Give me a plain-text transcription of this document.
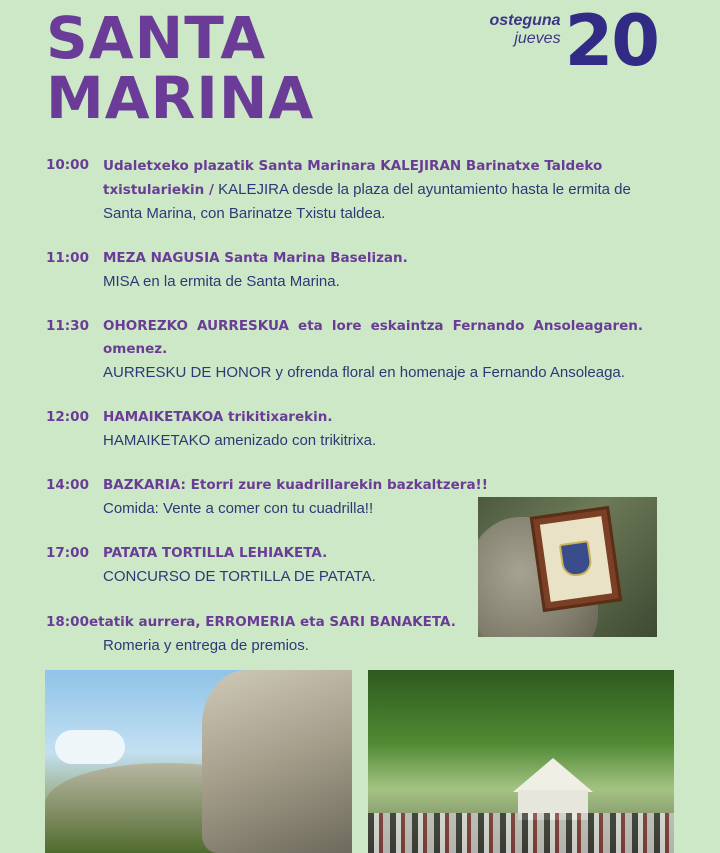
SANTA
MARINA
osteguna
jueves 20
10:00	Udaletxeko plazatik Santa Marinara KALEJIRAN Barinatxe Taldeko txistulariekin / KALEJIRA desde la plaza del ayuntamiento hasta le ermita de Santa Marina, con Barinatze Txistu taldea.
11:00	MEZA NAGUSIA Santa Marina Baselizan.
MISA en la ermita de Santa Marina.
11:30	OHOREZKO AURRESKUA eta lore eskaintza Fernando Ansoleagaren. omenez.
AURRESKU DE HONOR y ofrenda floral en homenaje a Fernando Ansoleaga.
12:00	HAMAIKETAKOA trikitixarekin.
HAMAIKETAKO amenizado con trikitrixa.
14:00	BAZKARIA: Etorri zure kuadrillarekin bazkaltzera!!
Comida: Vente a comer con tu cuadrilla!!
17:00	PATATA TORTILLA LEHIAKETA.
CONCURSO DE TORTILLA DE PATATA.
18:00etatik aurrera, ERROMERIA eta SARI BANAKETA.
Romeria y entrega de premios.
